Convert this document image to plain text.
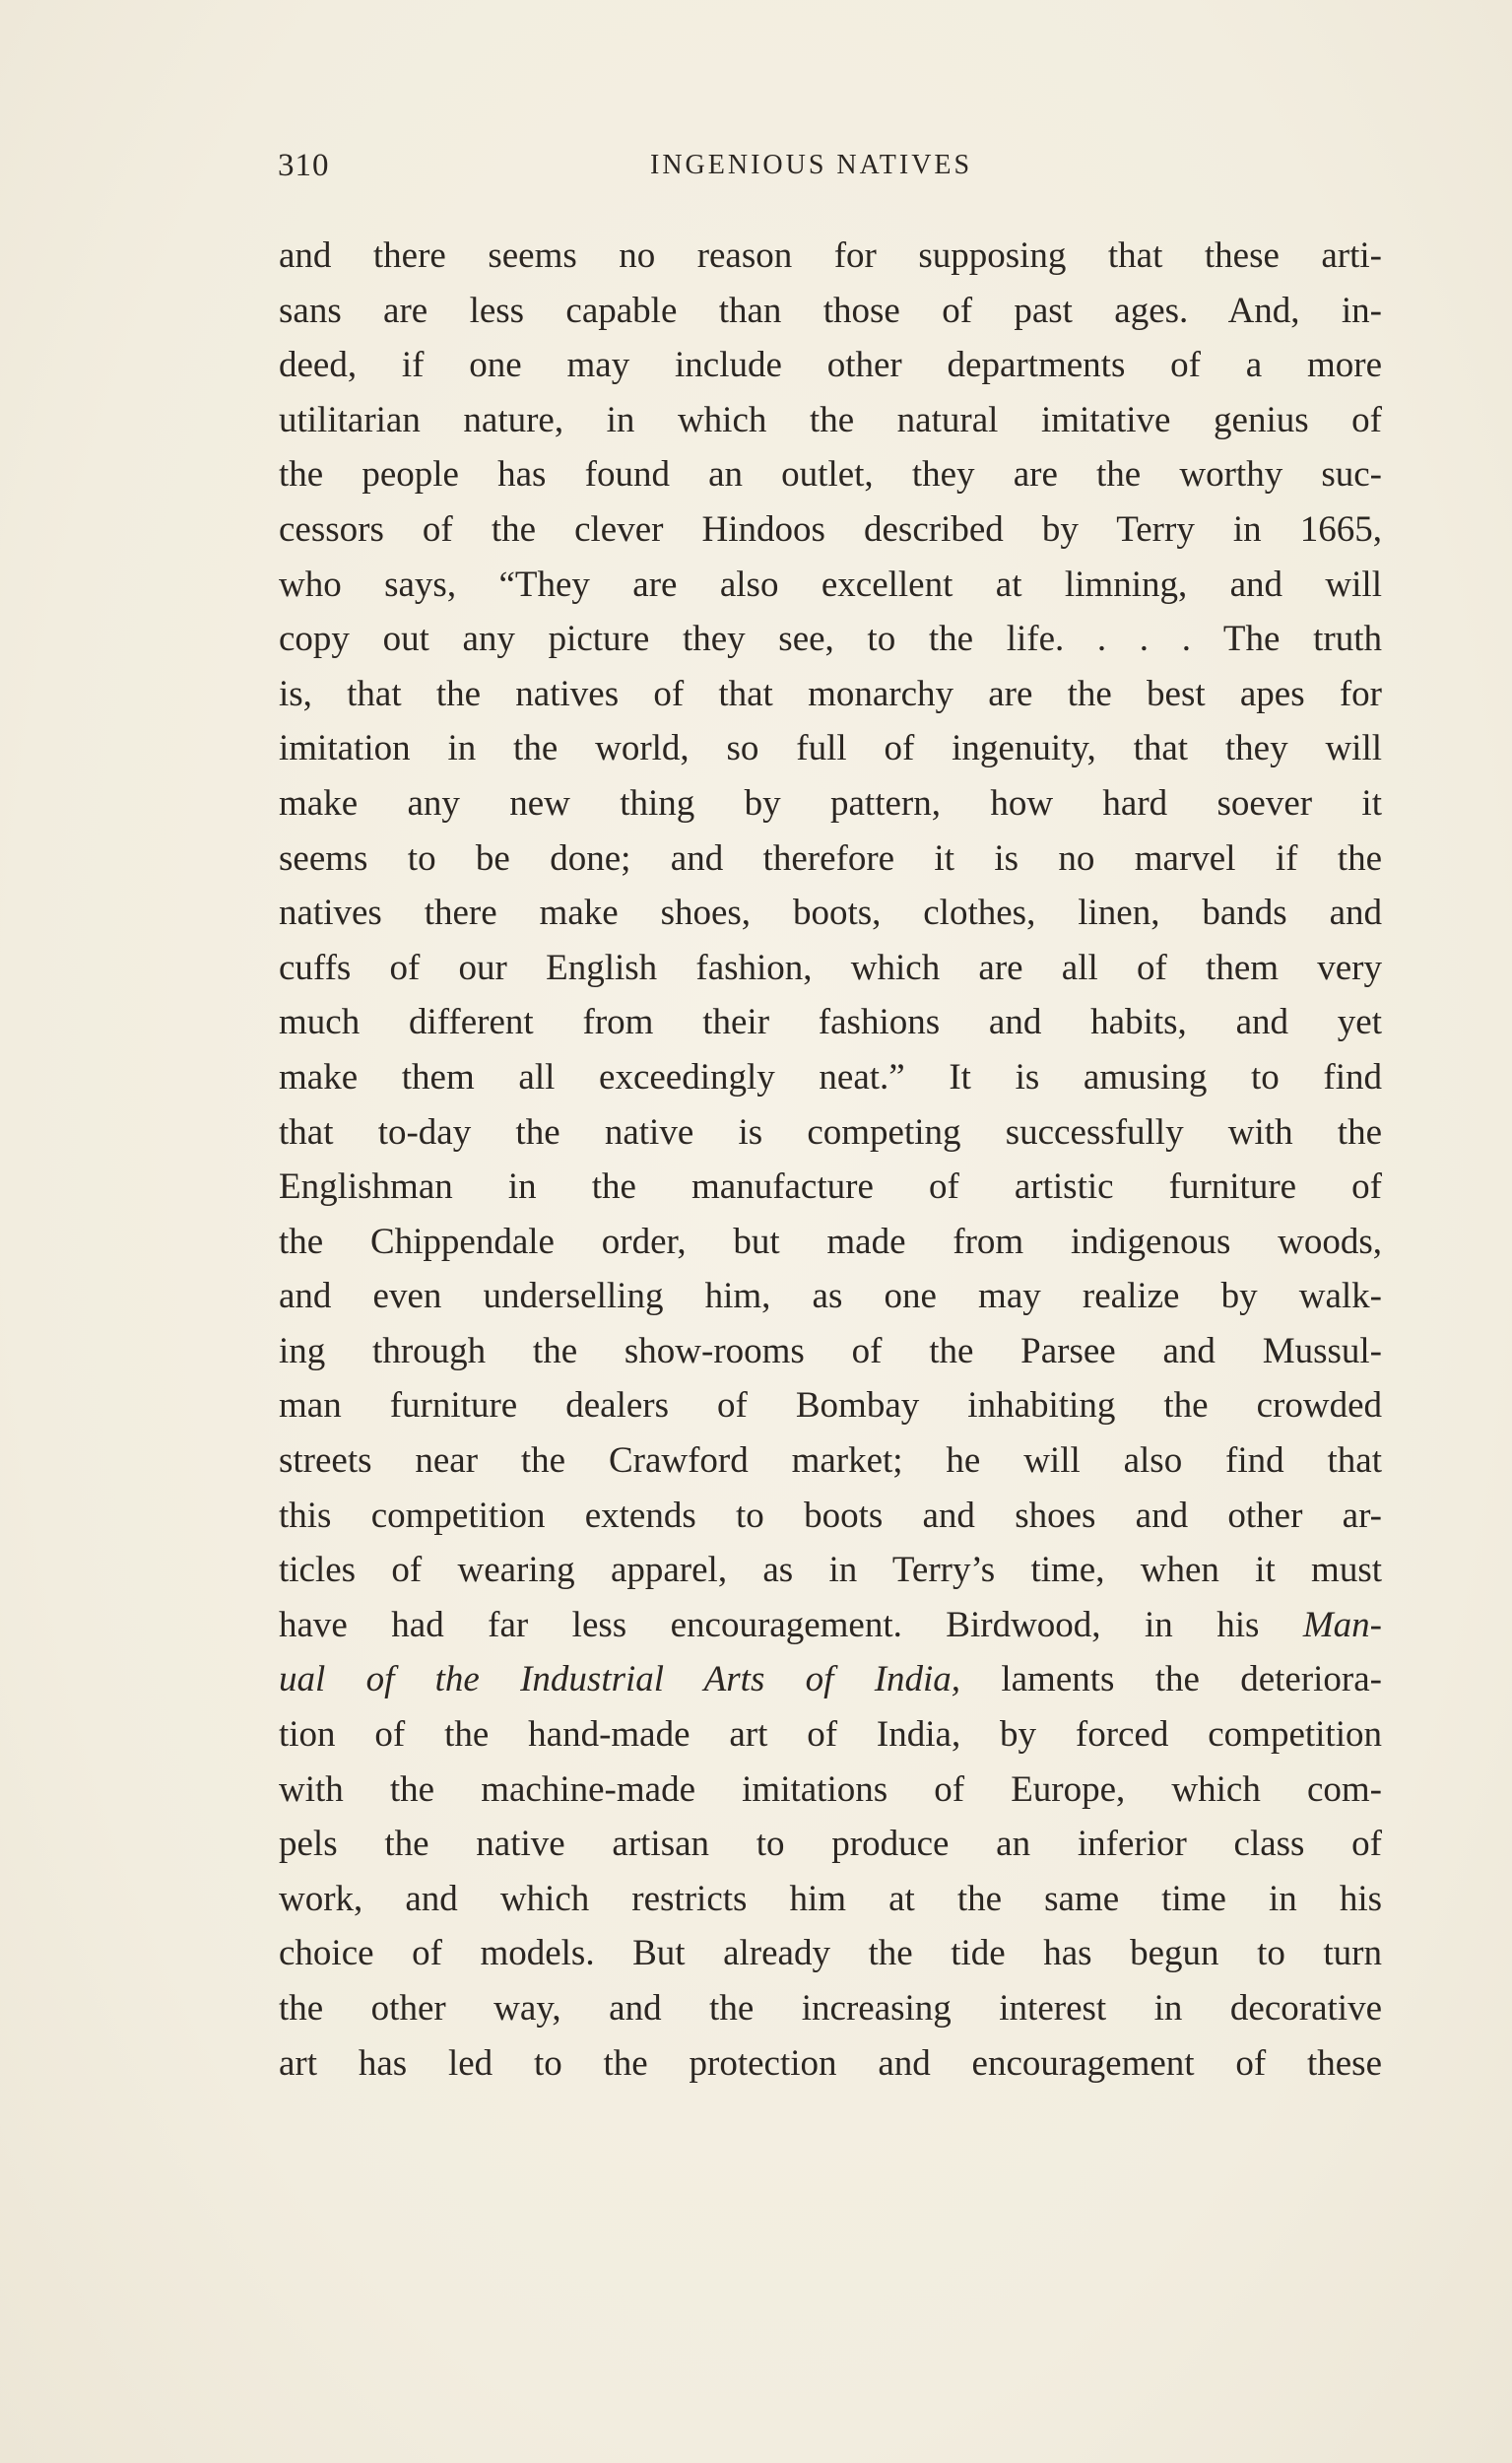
310	INGENIOUS NATIVES
and there seems no reason for supposing that these arti-
sans are less capable than those of past ages. And, in-
deed, if one may include other departments of a more
utilitarian nature, in which the natural imitative genius of
the people has found an outlet, they are the worthy suc-
cessors of the clever Hindoos described by Terry in 1665,
who says, “They are also excellent at limning, and will
copy out any picture they see, to the life. . . . The truth
is, that the natives of that monarchy are the best apes for
imitation in the world, so full of ingenuity, that they will
make any new thing by pattern, how hard soever it
seems to be done; and therefore it is no marvel if the
natives there make shoes, boots, clothes, linen, bands and
cuffs of our English fashion, which are all of them very
much different from their fashions and habits, and yet
make them all exceedingly neat.” It is amusing to find
that to-day the native is competing successfully with the
Englishman in the manufacture of artistic furniture of
the Chippendale order, but made from indigenous woods,
and even underselling him, as one may realize by walk-
ing through the show-rooms of the Parsee and Mussul-
man furniture dealers of Bombay inhabiting the crowded
streets near the Crawford market; he will also find that
this competition extends to boots and shoes and other ar-
ticles of wearing apparel, as in Terry’s time, when it must
have had far less encouragement. Birdwood, in his Man-
ual of the Industrial Arts of India, laments the deteriora-
tion of the hand-made art of India, by forced competition
with the machine-made imitations of Europe, which com-
pels the native artisan to produce an inferior class of
work, and which restricts him at the same time in his
choice of models. But already the tide has begun to turn
the other way, and the increasing interest in decorative
art has led to the protection and encouragement of these
